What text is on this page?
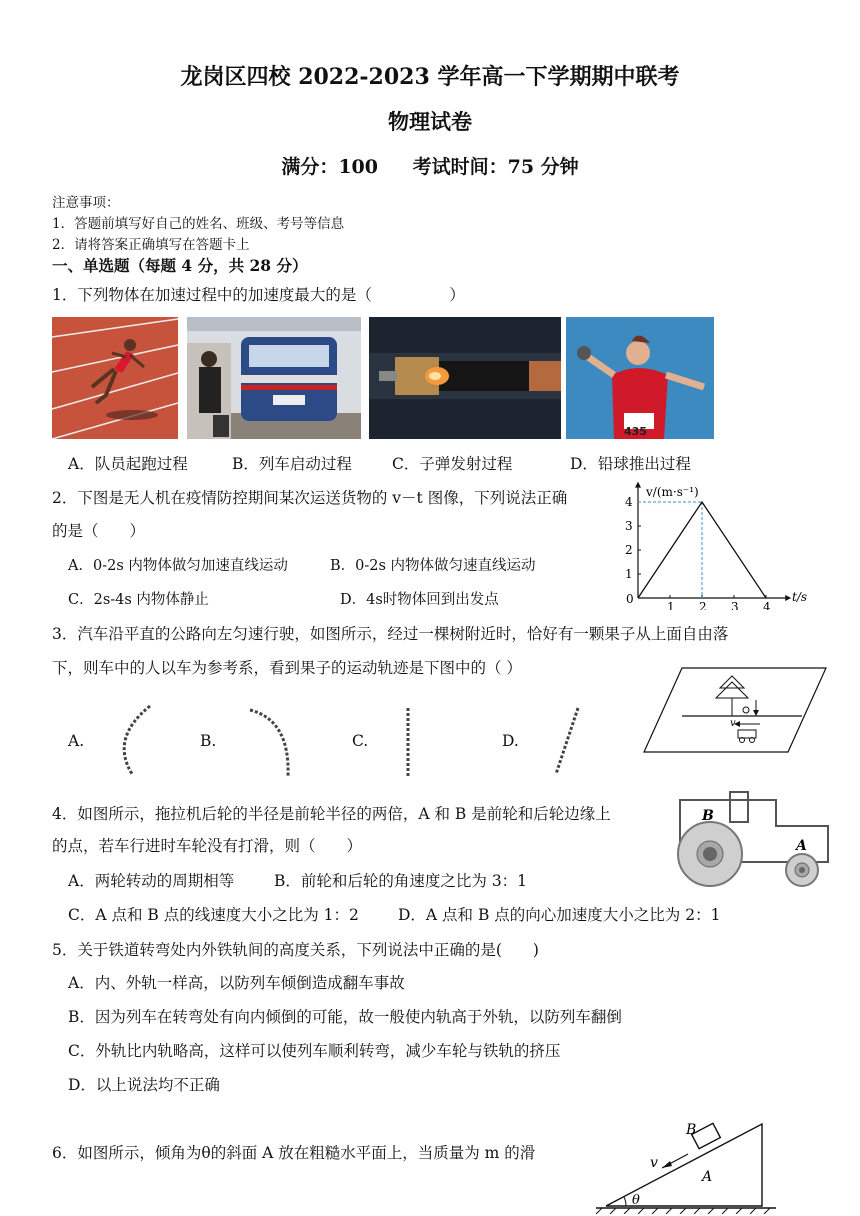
龙岗区四校 2022-2023 学年高一下学期期中联考
物理试卷
满分：100 考试时间：75 分钟
注意事项：
1．答题前填写好自己的姓名、班级、考号等信息
2．请将答案正确填写在答题卡上
一、单选题（每题 4 分，共 28 分）
1．下列物体在加速过程中的加速度最大的是（　　　　　）
435
A．队员起跑过程	B．列车启动过程	C．子弹发射过程	D．铅球推出过程
2．下图是无人机在疫情防控期间某次运送货物的 v－t 图像，下列说法正确
的是（　　）
A．0-2s 内物体做匀加速直线运动	B．0-2s 内物体做匀速直线运动
C．2s-4s 内物体静止	D．4s时物体回到出发点	1 2 3 4
1
2
3
4
v/(m·s⁻¹)
t/s
0
3．汽车沿平直的公路向左匀速行驶，如图所示，经过一棵树附近时，恰好有一颗果子从上面自由落
下，则车中的人以车为参考系，看到果子的运动轨迹是下图中的（ ）
v
A.	B.	C.	D.
4．如图所示，拖拉机后轮的半径是前轮半径的两倍，A 和 B 是前轮和后轮边缘上
的点，若车行进时车轮没有打滑，则（　　）
A．两轮转动的周期相等	B．前轮和后轮的角速度之比为 3：1
C．A 点和 B 点的线速度大小之比为 1：2	D．A 点和 B 点的向心加速度大小之比为 2：1
B
A
5．关于铁道转弯处内外铁轨间的高度关系，下列说法中正确的是(　　)
A．内、外轨一样高，以防列车倾倒造成翻车事故
B．因为列车在转弯处有向内倾倒的可能，故一般使内轨高于外轨，以防列车翻倒
C．外轨比内轨略高，这样可以使列车顺利转弯，减少车轮与铁轨的挤压
D．以上说法均不正确
6．如图所示，倾角为θ的斜面 A 放在粗糙水平面上，当质量为 m 的滑
B
v
A
θ
